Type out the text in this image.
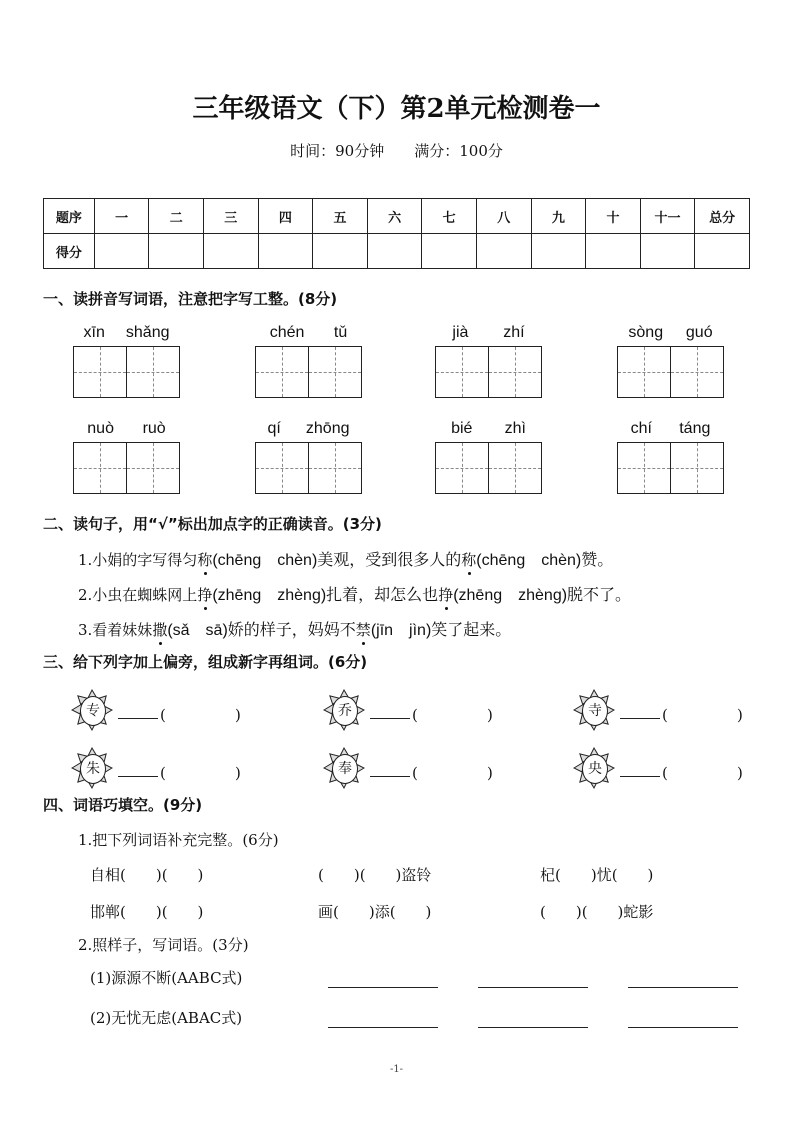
三年级语文（下）第2单元检测卷一
时间：90分钟　　满分：100分
题序	一	二	三	四	五	六	七	八	九	十	十一	总分
得分												
一、读拼音写词语，注意把字写工整。(8分)
xīn shǎng	chén tǔ	jià zhí	sòng guó
nuò ruò	qí zhōng	bié zhì	chí táng
二、读句子，用“√”标出加点字的正确读音。(3分)
1.小娟的字写得匀称(chēng　chèn)美观，受到很多人的称(chēng　chèn)赞。
2.小虫在蜘蛛网上挣(zhēng　zhèng)扎着，却怎么也挣(zhēng　zhèng)脱不了。
3.看着妹妹撒(sǎ　sā)娇的样子，妈妈不禁(jīn　jìn)笑了起来。
三、给下列字加上偏旁，组成新字再组词。(6分)
专	(	)	乔	(	)	寺	(	)
朱	(	)	奉	(	)	央	(	)
四、词语巧填空。(9分)
1.把下列词语补充完整。(6分)
自相(　　)(　　)	(　　)(　　)盗铃	杞(　　)忧(　　)
邯郸(　　)(　　)	画(　　)添(　　)	(　　)(　　)蛇影
2.照样子，写词语。(3分)
(1)源源不断(AABC式)
(2)无忧无虑(ABAC式)
-1-
